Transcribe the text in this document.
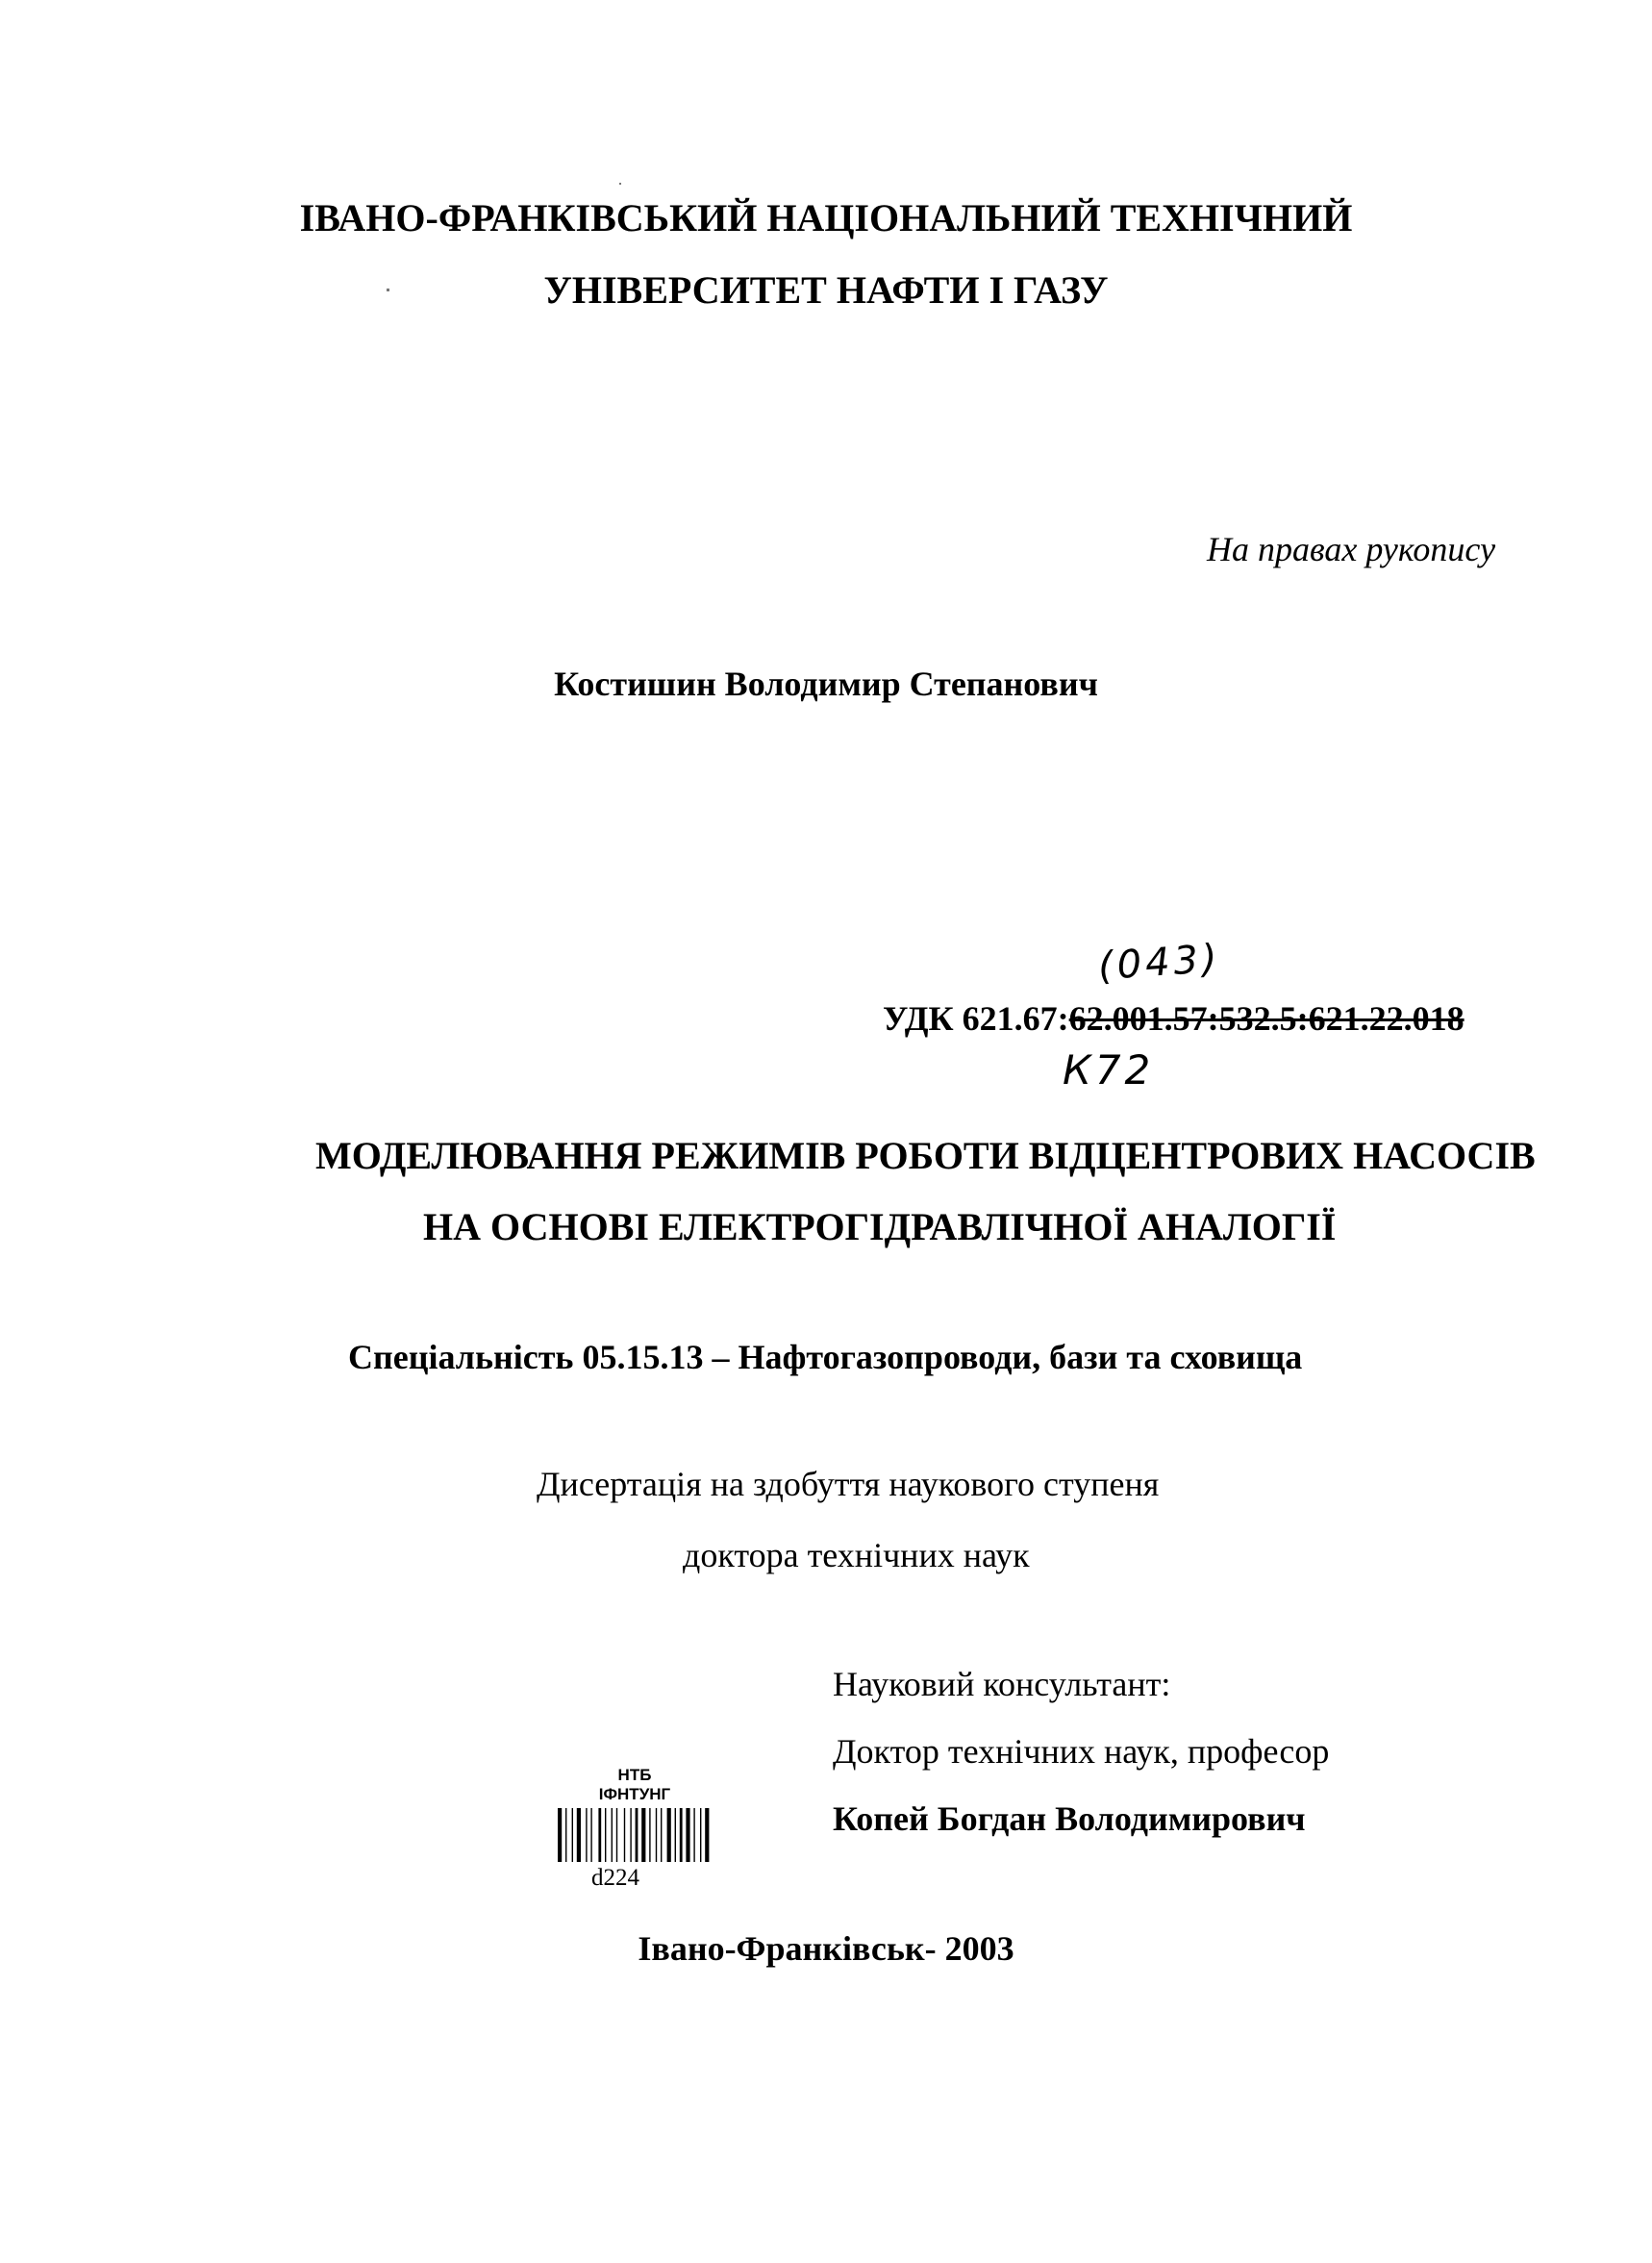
ІВАНО-ФРАНКІВСЬКИЙ НАЦІОНАЛЬНИЙ ТЕХНІЧНИЙ
УНІВЕРСИТЕТ НАФТИ І ГАЗУ
На правах рукопису
Костишин Володимир Степанович
(043)
УДК 621.67:62.001.57:532.5:621.22.018
К72
МОДЕЛЮВАННЯ РЕЖИМІВ РОБОТИ ВІДЦЕНТРОВИХ НАСОСІВ
НА ОСНОВІ ЕЛЕКТРОГІДРАВЛІЧНОЇ АНАЛОГІЇ
Спеціальність 05.15.13 – Нафтогазопроводи, бази та сховища
Дисертація на здобуття наукового ступеня
доктора технічних наук
Науковий консультант:
Доктор технічних наук, професор
Копей Богдан Володимирович
НТБ
ІФНТУНГ
d224
Івано-Франківськ- 2003
